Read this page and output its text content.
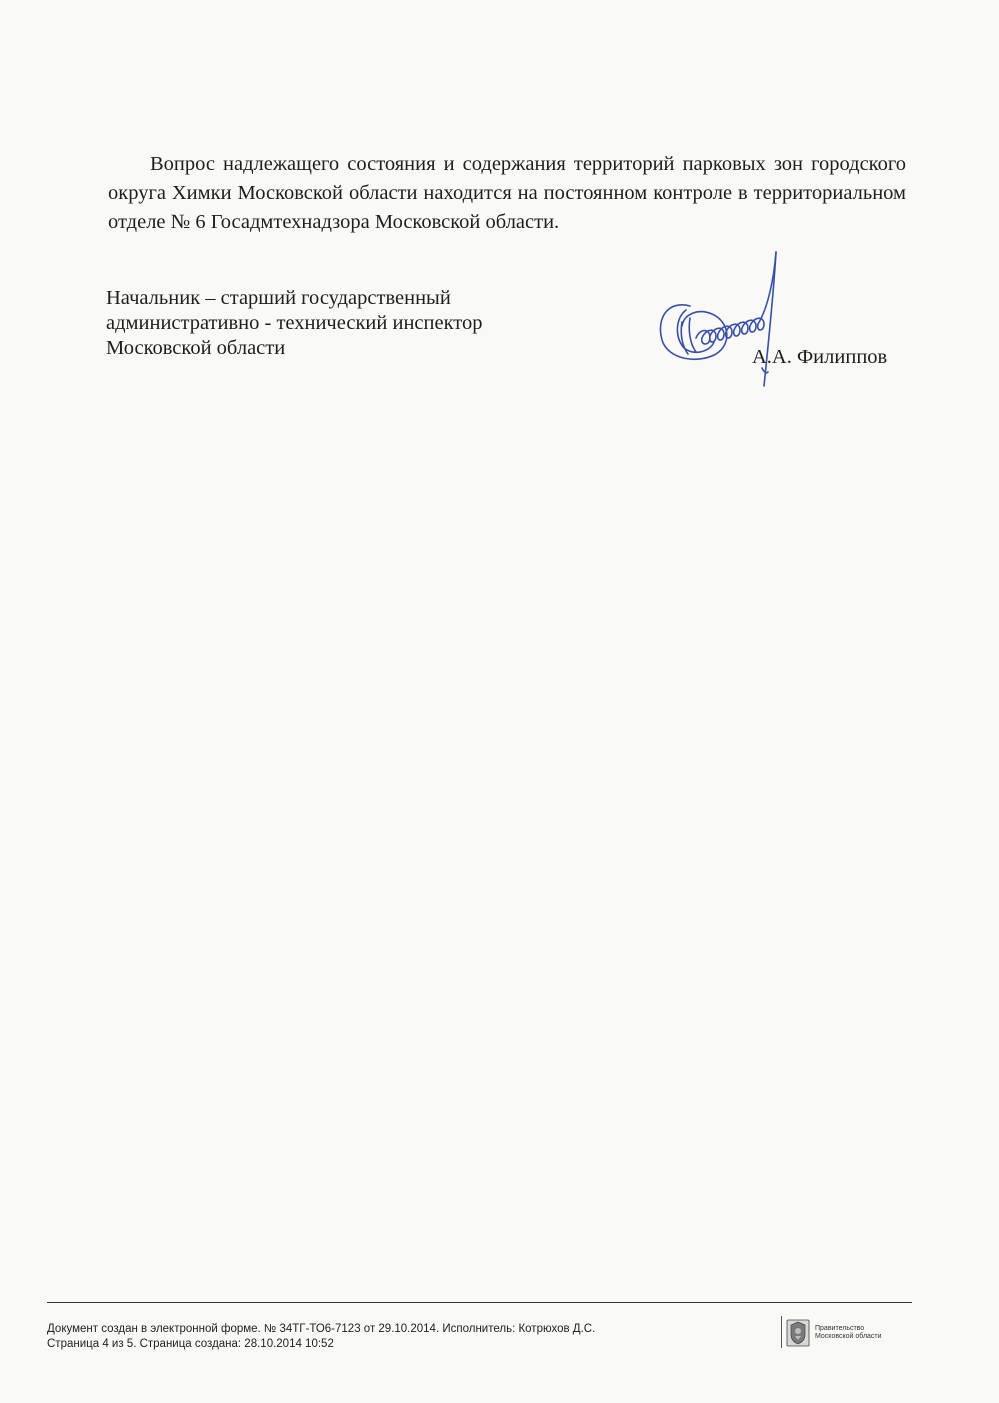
Вопрос надлежащего состояния и содержания территорий парковых зон городского округа Химки Московской области находится на постоянном контроле в территориальном отделе № 6 Госадмтехнадзора Московской области.

Начальник – старший государственный
административно - технический инспектор
Московской области	А.А. Филиппов
Документ создан в электронной форме. № 34ТГ-ТО6-7123 от 29.10.2014. Исполнитель: Котрюхов Д.С.
Страница 4 из 5. Страница создана: 28.10.2014 10:52
Правительство
Московской области
